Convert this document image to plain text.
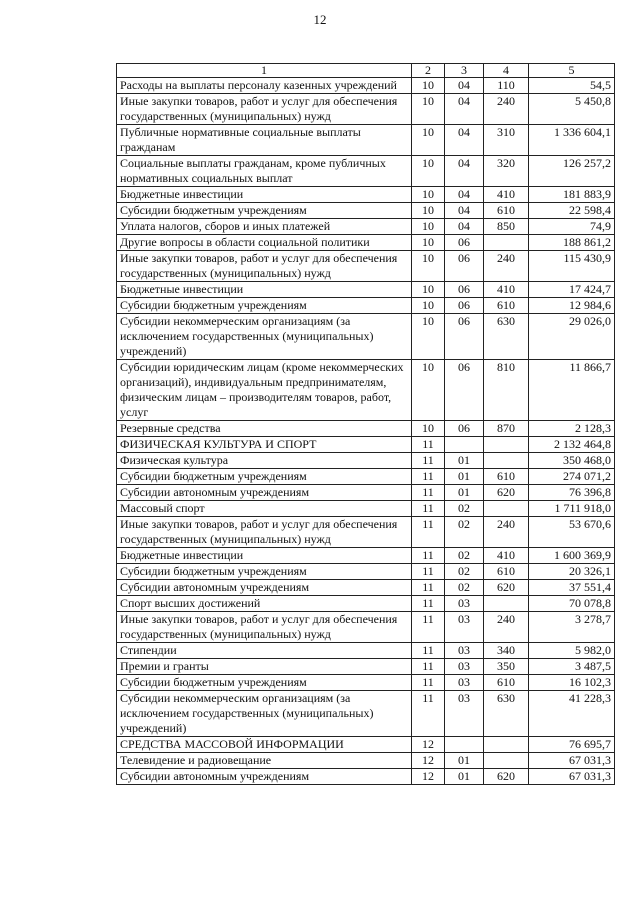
12
1	2	3	4	5
Расходы на выплаты персоналу казенных учреждений	10	04	110	54,5
Иные закупки товаров, работ и услуг для обеспечения государственных (муниципальных) нужд	10	04	240	5 450,8
Публичные нормативные социальные выплаты гражданам	10	04	310	1 336 604,1
Социальные выплаты гражданам, кроме публичных нормативных социальных выплат	10	04	320	126 257,2
Бюджетные инвестиции	10	04	410	181 883,9
Субсидии бюджетным учреждениям	10	04	610	22 598,4
Уплата налогов, сборов и иных платежей	10	04	850	74,9
Другие вопросы в области социальной политики	10	06		188 861,2
Иные закупки товаров, работ и услуг для обеспечения государственных (муниципальных) нужд	10	06	240	115 430,9
Бюджетные инвестиции	10	06	410	17 424,7
Субсидии бюджетным учреждениям	10	06	610	12 984,6
Субсидии некоммерческим организациям (за исключением государственных (муниципальных) учреждений)	10	06	630	29 026,0
Субсидии юридическим лицам (кроме некоммерческих организаций), индивидуальным предпринимателям, физическим лицам – производителям товаров, работ, услуг	10	06	810	11 866,7
Резервные средства	10	06	870	2 128,3
ФИЗИЧЕСКАЯ КУЛЬТУРА И СПОРТ	11			2 132 464,8
Физическая культура	11	01		350 468,0
Субсидии бюджетным учреждениям	11	01	610	274 071,2
Субсидии автономным учреждениям	11	01	620	76 396,8
Массовый спорт	11	02		1 711 918,0
Иные закупки товаров, работ и услуг для обеспечения государственных (муниципальных) нужд	11	02	240	53 670,6
Бюджетные инвестиции	11	02	410	1 600 369,9
Субсидии бюджетным учреждениям	11	02	610	20 326,1
Субсидии автономным учреждениям	11	02	620	37 551,4
Спорт высших достижений	11	03		70 078,8
Иные закупки товаров, работ и услуг для обеспечения государственных (муниципальных) нужд	11	03	240	3 278,7
Стипендии	11	03	340	5 982,0
Премии и гранты	11	03	350	3 487,5
Субсидии бюджетным учреждениям	11	03	610	16 102,3
Субсидии некоммерческим организациям (за исключением государственных (муниципальных) учреждений)	11	03	630	41 228,3
СРЕДСТВА МАССОВОЙ ИНФОРМАЦИИ	12			76 695,7
Телевидение и радиовещание	12	01		67 031,3
Субсидии автономным учреждениям	12	01	620	67 031,3
